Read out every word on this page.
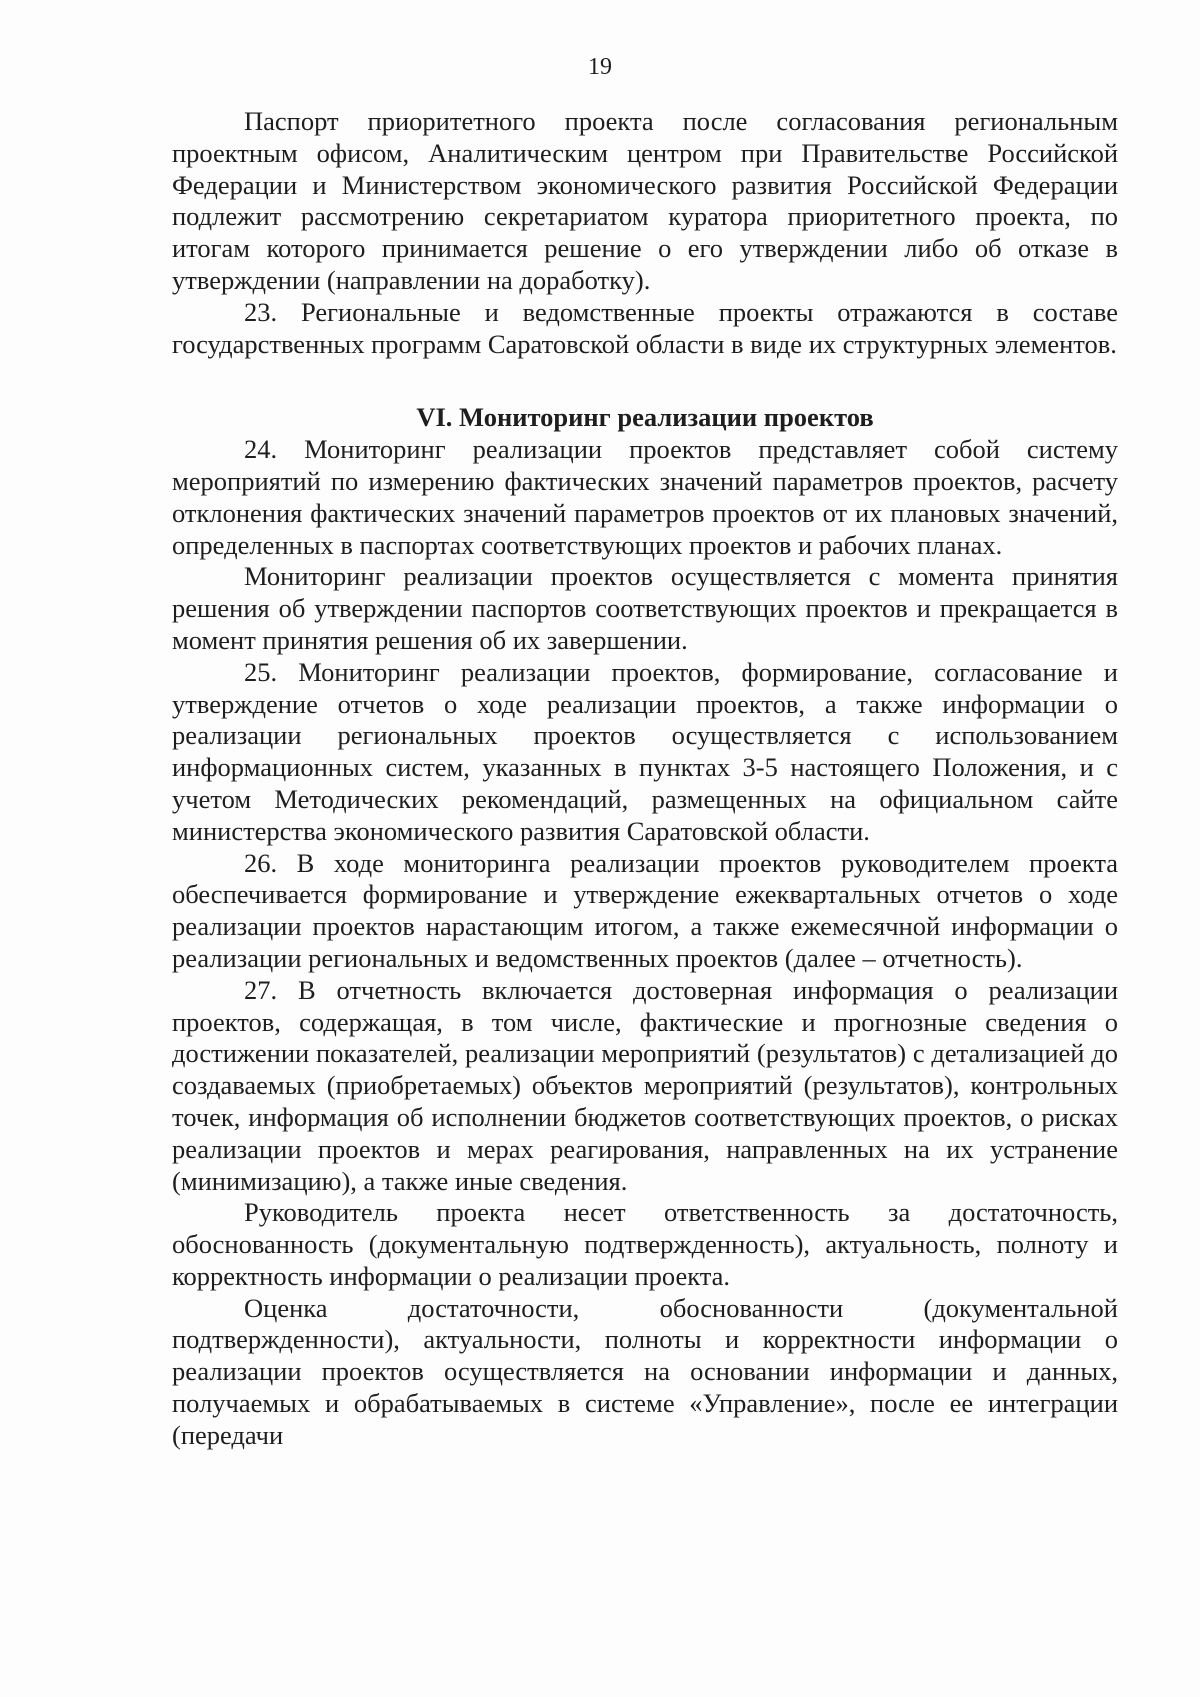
19

Паспорт приоритетного проекта после согласования региональным проектным офисом, Аналитическим центром при Правительстве Российской Федерации и Министерством экономического развития Российской Федерации подлежит рассмотрению секретариатом куратора приоритетного проекта, по итогам которого принимается решение о его утверждении либо об отказе в утверждении (направлении на доработку).

23. Региональные и ведомственные проекты отражаются в составе государственных программ Саратовской области в виде их структурных элементов.

VI. Мониторинг реализации проектов

24. Мониторинг реализации проектов представляет собой систему мероприятий по измерению фактических значений параметров проектов, расчету отклонения фактических значений параметров проектов от их плановых значений, определенных в паспортах соответствующих проектов и рабочих планах.

Мониторинг реализации проектов осуществляется с момента принятия решения об утверждении паспортов соответствующих проектов и прекращается в момент принятия решения об их завершении.

25. Мониторинг реализации проектов, формирование, согласование и утверждение отчетов о ходе реализации проектов, а также информации о реализации региональных проектов осуществляется с использованием информационных систем, указанных в пунктах 3-5 настоящего Положения, и с учетом Методических рекомендаций, размещенных на официальном сайте министерства экономического развития Саратовской области.

26. В ходе мониторинга реализации проектов руководителем проекта обеспечивается формирование и утверждение ежеквартальных отчетов о ходе реализации проектов нарастающим итогом, а также ежемесячной информации о реализации региональных и ведомственных проектов (далее – отчетность).

27. В отчетность включается достоверная информация о реализации проектов, содержащая, в том числе, фактические и прогнозные сведения о достижении показателей, реализации мероприятий (результатов) с детализацией до создаваемых (приобретаемых) объектов мероприятий (результатов), контрольных точек, информация об исполнении бюджетов соответствующих проектов, о рисках реализации проектов и мерах реагирования, направленных на их устранение (минимизацию), а также иные сведения.

Руководитель проекта несет ответственность за достаточность, обоснованность (документальную подтвержденность), актуальность, полноту и корректность информации о реализации проекта.

Оценка достаточности, обоснованности (документальной подтвержденности), актуальности, полноты и корректности информации о реализации проектов осуществляется на основании информации и данных, получаемых и обрабатываемых в системе «Управление», после ее интеграции (передачи
